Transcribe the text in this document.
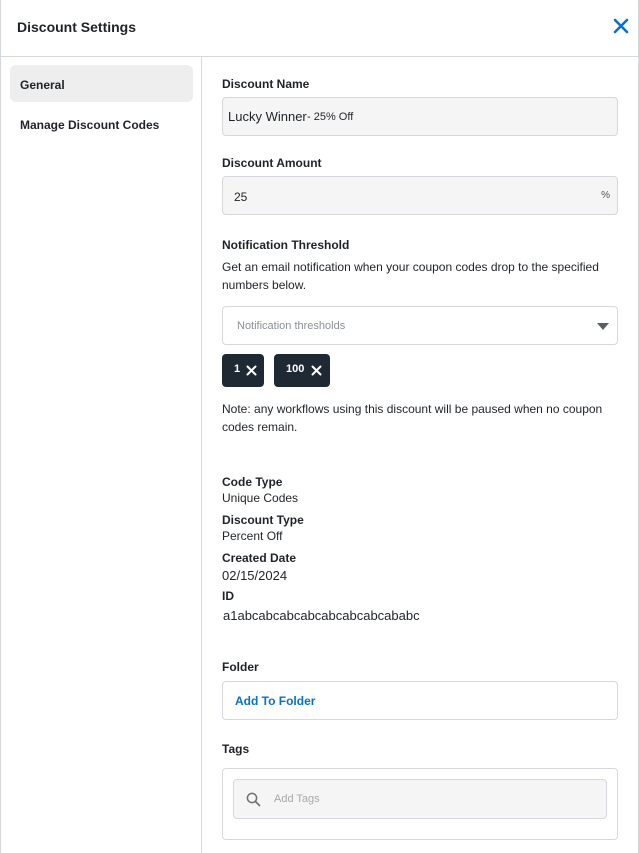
Discount Settings
General
Manage Discount Codes
Discount Name
Lucky Winner - 25% Off
Discount Amount
25	%
Notification Threshold
Get an email notification when your coupon codes drop to the specified numbers below.
Notification thresholds
1	100
Note: any workflows using this discount will be paused when no coupon codes remain.
Code Type
Unique Codes
Discount Type
Percent Off
Created Date
02/15/2024
ID
a1abcabcabcabcabcabcabcababc
Folder
Add To Folder
Tags
Add Tags
